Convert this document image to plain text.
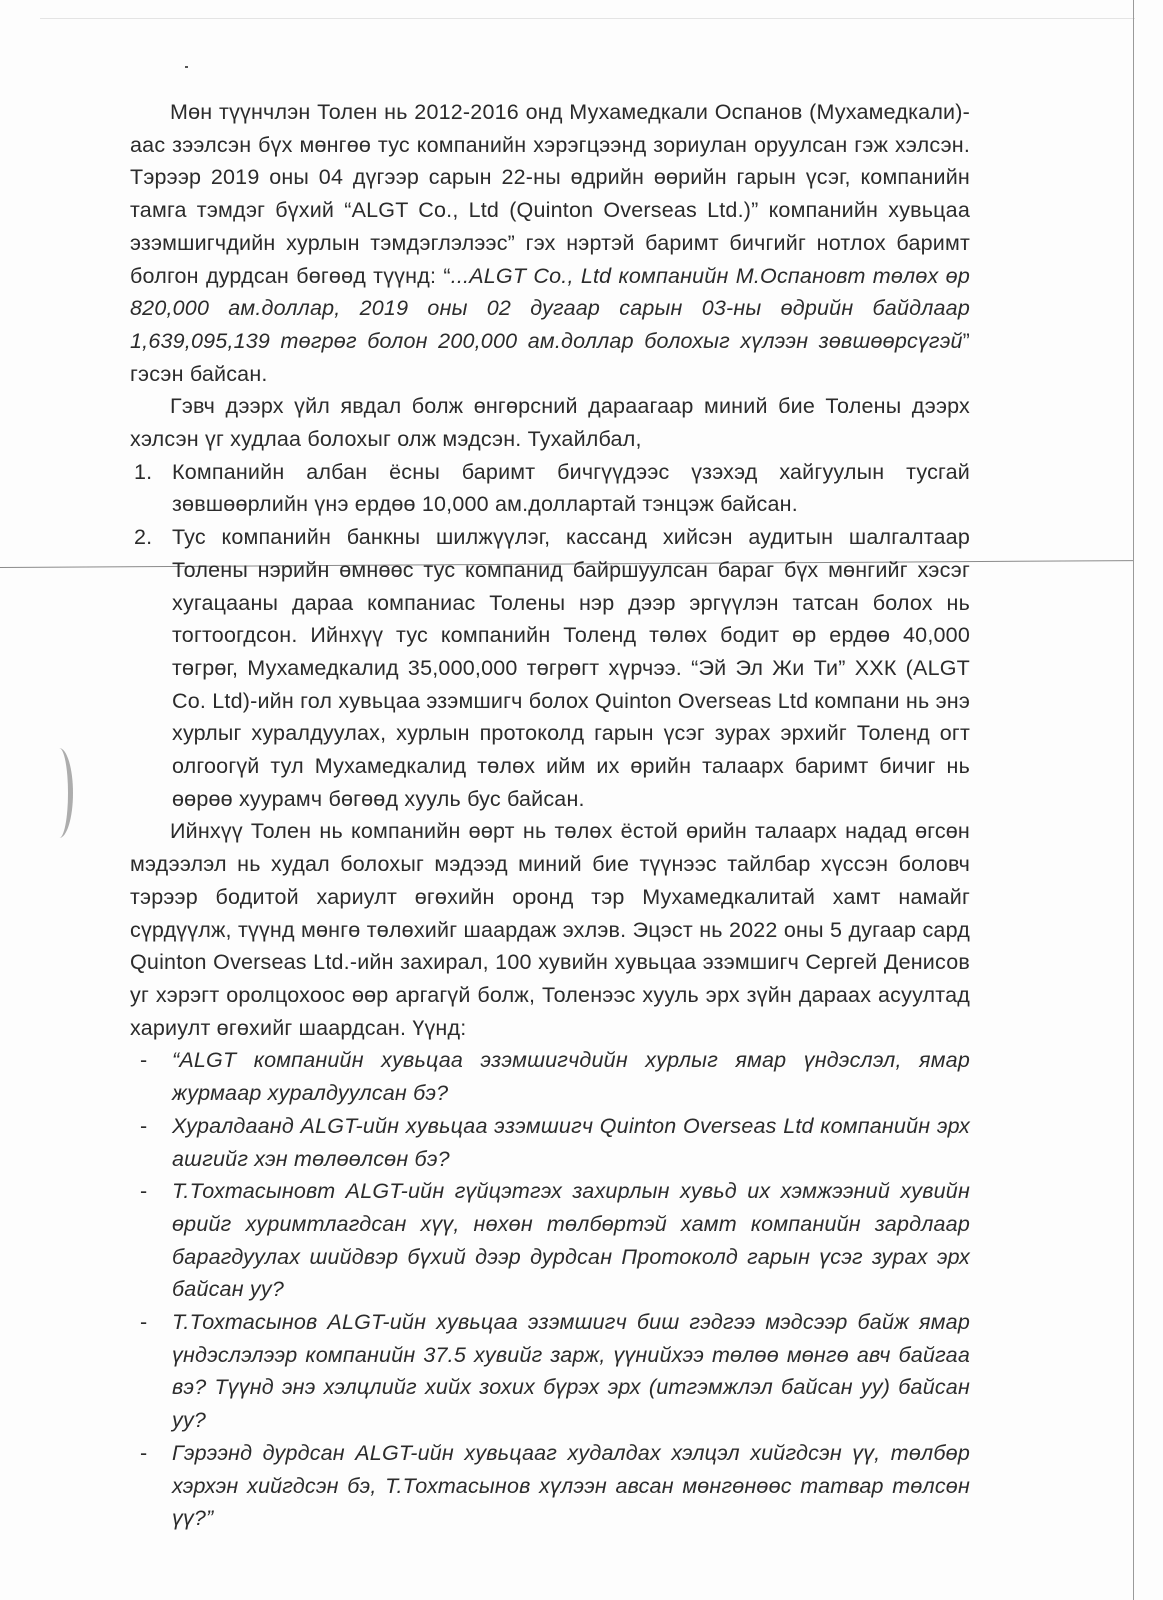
Мөн түүнчлэн Толен нь 2012-2016 онд Мухамедкали Оспанов (Мухамедкали)-аас зээлсэн бүх мөнгөө тус компанийн хэрэгцээнд зориулан оруулсан гэж хэлсэн. Тэрээр 2019 оны 04 дүгээр сарын 22-ны өдрийн өөрийн гарын үсэг, компанийн тамга тэмдэг бүхий “ALGT Co., Ltd (Quinton Overseas Ltd.)” компанийн хувьцаа эзэмшигчдийн хурлын тэмдэглэлээс” гэх нэртэй баримт бичгийг нотлох баримт болгон дурдсан бөгөөд түүнд: “...ALGT Co., Ltd компанийн М.Оспановт төлөх өр 820,000 ам.доллар, 2019 оны 02 дугаар сарын 03-ны өдрийн байдлаар 1,639,095,139 төгрөг болон 200,000 ам.доллар болохыг хүлээн зөвшөөрсүгэй” гэсэн байсан.

Гэвч дээрх үйл явдал болж өнгөрсний дараагаар миний бие Толены дээрх хэлсэн үг худлаа болохыг олж мэдсэн. Тухайлбал,

1. Компанийн албан ёсны баримт бичгүүдээс үзэхэд хайгуулын тусгай зөвшөөрлийн үнэ ердөө 10,000 ам.доллартай тэнцэж байсан.
2. Тус компанийн банкны шилжүүлэг, кассанд хийсэн аудитын шалгалтаар Толены нэрийн өмнөөс тус компанид байршуулсан бараг бүх мөнгийг хэсэг хугацааны дараа компаниас Толены нэр дээр эргүүлэн татсан болох нь тогтоогдсон. Ийнхүү тус компанийн Толенд төлөх бодит өр ердөө 40,000 төгрөг, Мухамедкалид 35,000,000 төгрөгт хүрчээ. “Эй Эл Жи Ти” ХХК (ALGT Co. Ltd)-ийн гол хувьцаа эзэмшигч болох Quinton Overseas Ltd компани нь энэ хурлыг хуралдуулах, хурлын протоколд гарын үсэг зурах эрхийг Толенд огт олгоогүй тул Мухамедкалид төлөх ийм их өрийн талаарх баримт бичиг нь өөрөө хуурамч бөгөөд хууль бус байсан.

Ийнхүү Толен нь компанийн өөрт нь төлөх ёстой өрийн талаарх надад өгсөн мэдээлэл нь худал болохыг мэдээд миний бие түүнээс тайлбар хүссэн боловч тэрээр бодитой хариулт өгөхийн оронд тэр Мухамедкалитай хамт намайг сүрдүүлж, түүнд мөнгө төлөхийг шаардаж эхлэв. Эцэст нь 2022 оны 5 дугаар сард Quinton Overseas Ltd.-ийн захирал, 100 хувийн хувьцаа эзэмшигч Сергей Денисов уг хэрэгт оролцохоос өөр аргагүй болж, Толенээс хууль эрх зүйн дараах асуултад хариулт өгөхийг шаардсан. Үүнд:

- “ALGT компанийн хувьцаа эзэмшигчдийн хурлыг ямар үндэслэл, ямар журмаар хуралдуулсан бэ?
- Хуралдаанд ALGT-ийн хувьцаа эзэмшигч Quinton Overseas Ltd компанийн эрх ашгийг хэн төлөөлсөн бэ?
- Т.Тохтасыновт ALGT-ийн гүйцэтгэх захирлын хувьд их хэмжээний хувийн өрийг хуримтлагдсан хүү, нөхөн төлбөртэй хамт компанийн зардлаар барагдуулах шийдвэр бүхий дээр дурдсан Протоколд гарын үсэг зурах эрх байсан уу?
- Т.Тохтасынов ALGT-ийн хувьцаа эзэмшигч биш гэдгээ мэдсээр байж ямар үндэслэлээр компанийн 37.5 хувийг зарж, үүнийхээ төлөө мөнгө авч байгаа вэ? Түүнд энэ хэлцлийг хийх зохих бүрэх эрх (итгэмжлэл байсан уу) байсан уу?
- Гэрээнд дурдсан ALGT-ийн хувьцааг худалдах хэлцэл хийгдсэн үү, төлбөр хэрхэн хийгдсэн бэ, Т.Тохтасынов хүлээн авсан мөнгөнөөс татвар төлсөн үү?”
